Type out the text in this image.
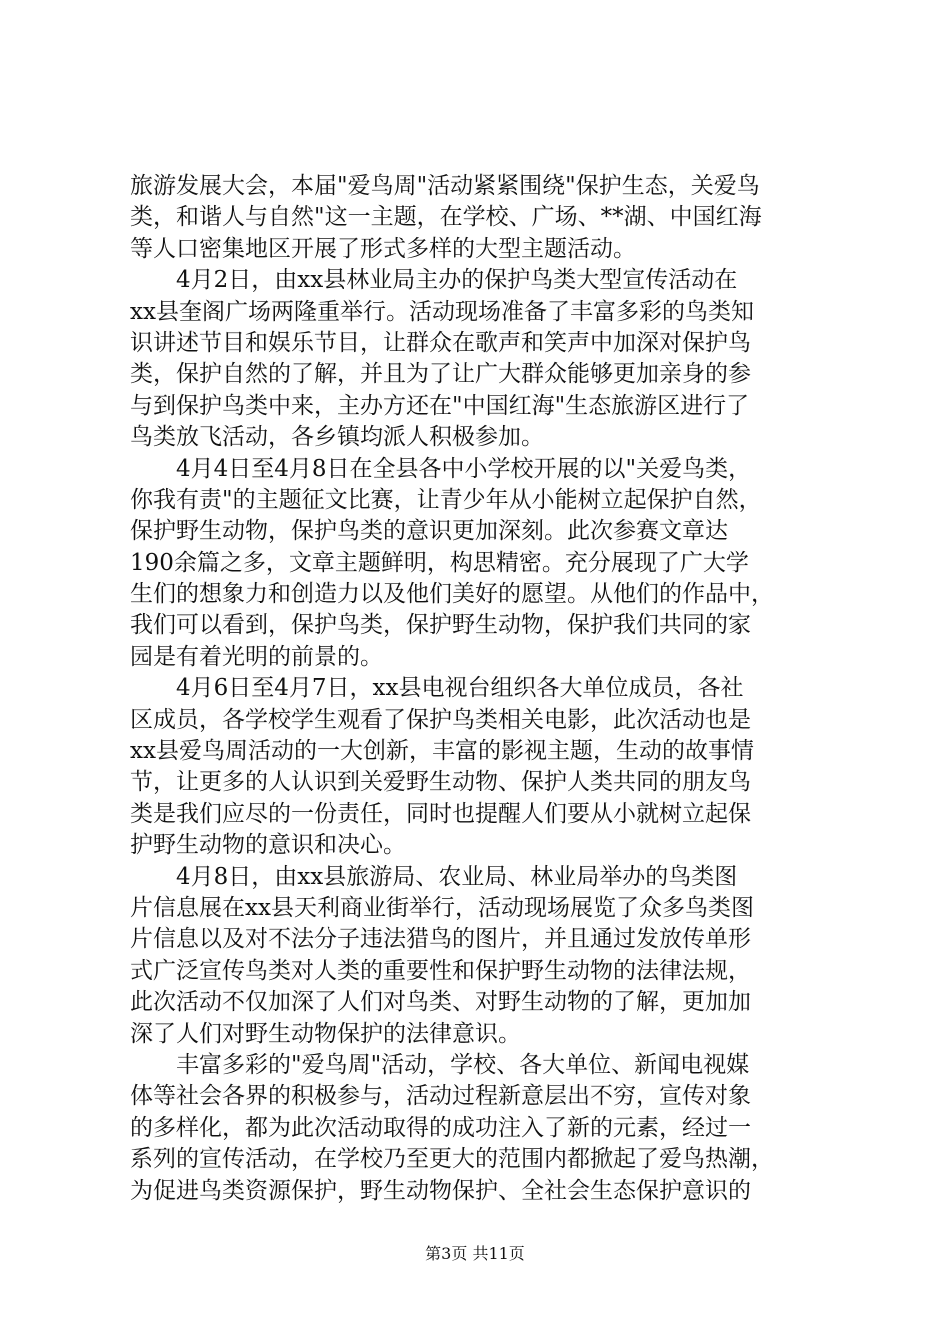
旅游发展大会，本届"爱鸟周"活动紧紧围绕"保护生态，关爱鸟
类，和谐人与自然"这一主题，在学校、广场、**湖、中国红海
等人口密集地区开展了形式多样的大型主题活动。
4月2日，由xx县林业局主办的保护鸟类大型宣传活动在
xx县奎阁广场两隆重举行。活动现场准备了丰富多彩的鸟类知
识讲述节目和娱乐节目，让群众在歌声和笑声中加深对保护鸟
类，保护自然的了解，并且为了让广大群众能够更加亲身的参
与到保护鸟类中来，主办方还在"中国红海"生态旅游区进行了
鸟类放飞活动，各乡镇均派人积极参加。
4月4日至4月8日在全县各中小学校开展的以"关爱鸟类，
你我有责"的主题征文比赛，让青少年从小能树立起保护自然，
保护野生动物，保护鸟类的意识更加深刻。此次参赛文章达
190余篇之多，文章主题鲜明，构思精密。充分展现了广大学
生们的想象力和创造力以及他们美好的愿望。从他们的作品中，
我们可以看到，保护鸟类，保护野生动物，保护我们共同的家
园是有着光明的前景的。
4月6日至4月7日，xx县电视台组织各大单位成员，各社
区成员，各学校学生观看了保护鸟类相关电影，此次活动也是
xx县爱鸟周活动的一大创新，丰富的影视主题，生动的故事情
节，让更多的人认识到关爱野生动物、保护人类共同的朋友鸟
类是我们应尽的一份责任，同时也提醒人们要从小就树立起保
护野生动物的意识和决心。
4月8日，由xx县旅游局、农业局、林业局举办的鸟类图
片信息展在xx县天利商业街举行，活动现场展览了众多鸟类图
片信息以及对不法分子违法猎鸟的图片，并且通过发放传单形
式广泛宣传鸟类对人类的重要性和保护野生动物的法律法规，
此次活动不仅加深了人们对鸟类、对野生动物的了解，更加加
深了人们对野生动物保护的法律意识。
丰富多彩的"爱鸟周"活动，学校、各大单位、新闻电视媒
体等社会各界的积极参与，活动过程新意层出不穷，宣传对象
的多样化，都为此次活动取得的成功注入了新的元素，经过一
系列的宣传活动，在学校乃至更大的范围内都掀起了爱鸟热潮，
为促进鸟类资源保护，野生动物保护、全社会生态保护意识的
第3页 共11页
